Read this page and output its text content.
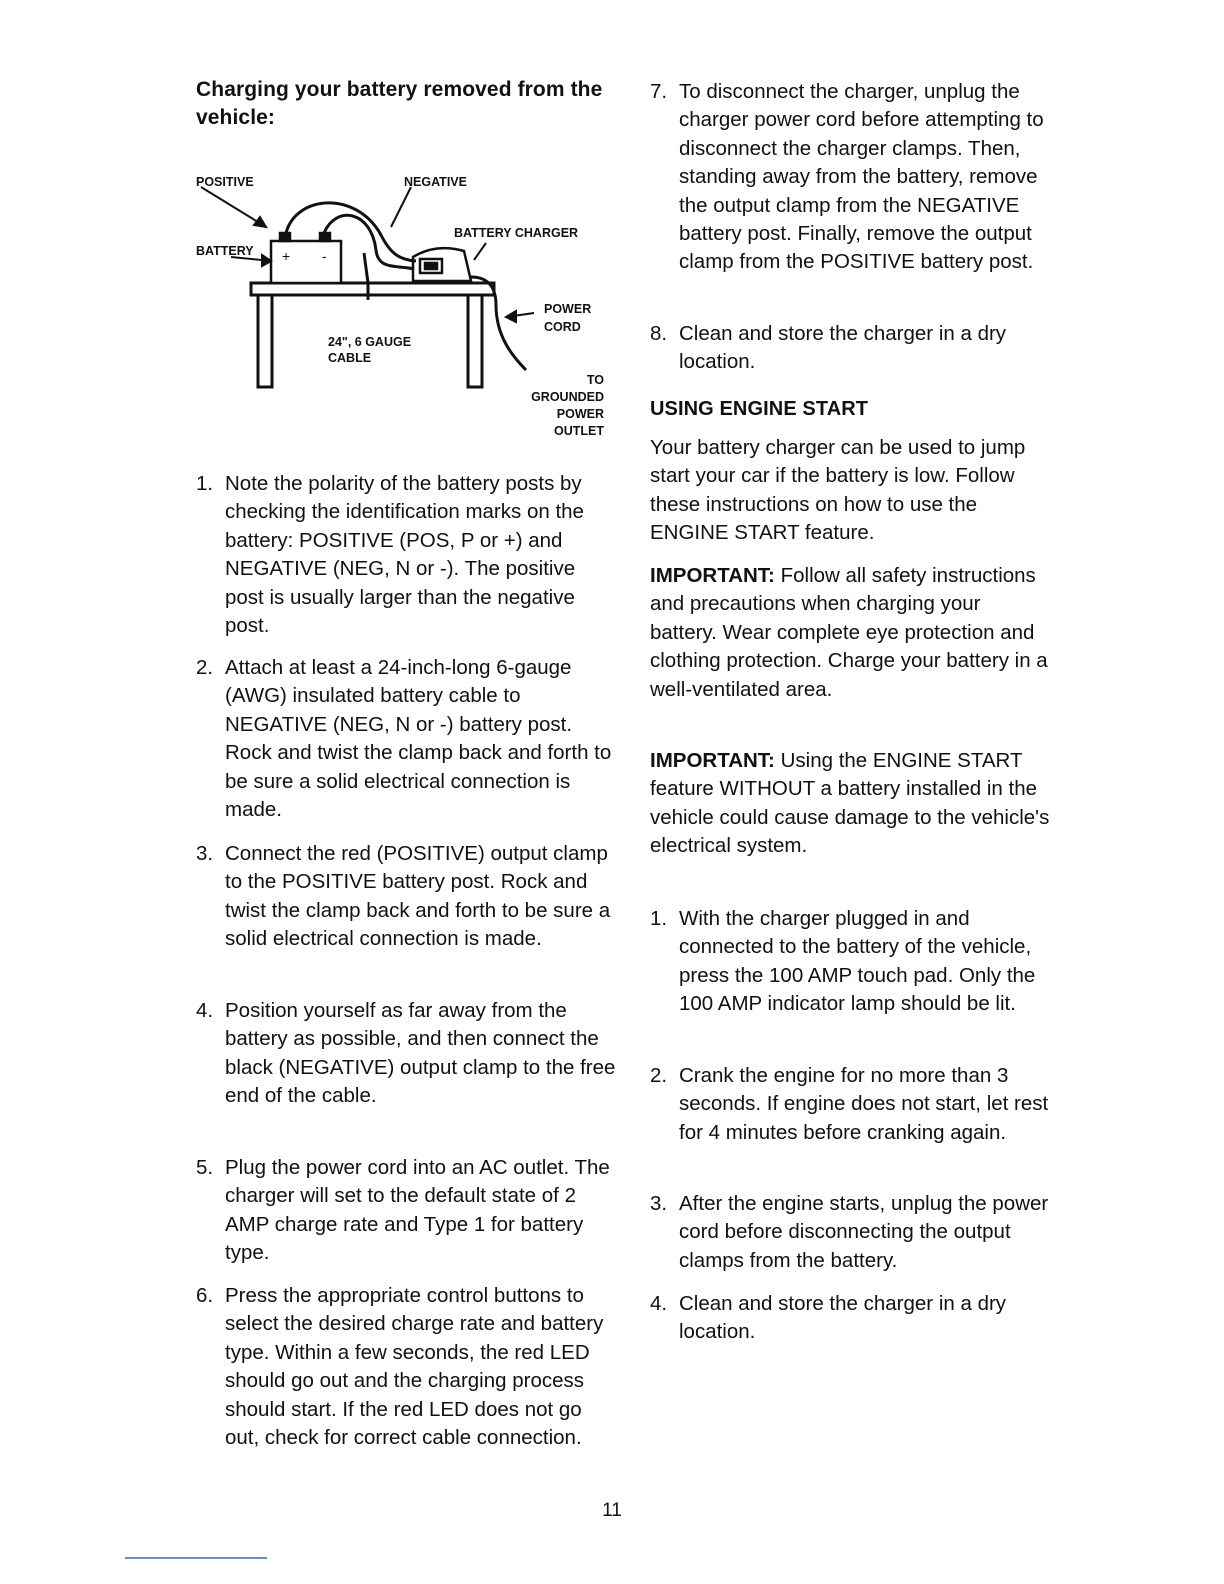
Charging your battery removed from the vehicle:
1. Note the polarity of the battery posts by checking the identification marks on the battery: POSITIVE (POS, P or +) and NEGATIVE (NEG, N or -). The positive post is usually larger than the negative post.
2. Attach at least a 24-inch-long 6-gauge (AWG) insulated battery cable to NEGATIVE (NEG, N or -) battery post. Rock and twist the clamp back and forth to be sure a solid electrical connection is made.
3. Connect the red (POSITIVE) output clamp to the POSITIVE battery post. Rock and twist the clamp back and forth to be sure a solid electrical connection is made.
4. Position yourself as far away from the battery as possible, and then connect the black (NEGATIVE) output clamp to the free end of the cable.
5. Plug the power cord into an AC outlet. The charger will set to the default state of 2 AMP charge rate and Type 1 for battery type.
6. Press the appropriate control buttons to select the desired charge rate and battery type. Within a few seconds, the red LED should go out and the charging process should start. If the red LED does not go out, check for correct cable connection.
+ -
POSITIVE	NEGATIVE
BATTERY
BATTERY CHARGER
POWER
CORD
24", 6 GAUGE
CABLE
TO
GROUNDED
POWER
OUTLET
7. To disconnect the charger, unplug the charger power cord before attempting to disconnect the charger clamps. Then, standing away from the battery, remove the output clamp from the NEGATIVE battery post. Finally, remove the output clamp from the POSITIVE battery post.
8. Clean and store the charger in a dry location.
USING ENGINE START
Your battery charger can be used to jump start your car if the battery is low. Follow these instructions on how to use the ENGINE START feature.
IMPORTANT: Follow all safety instructions and precautions when charging your battery. Wear complete eye protection and clothing protection. Charge your battery in a well-ventilated area.
IMPORTANT: Using the ENGINE START feature WITHOUT a battery installed in the vehicle could cause damage to the vehicle's electrical system.
1. With the charger plugged in and connected to the battery of the vehicle, press the 100 AMP touch pad. Only the 100 AMP indicator lamp should be lit.
2. Crank the engine for no more than 3 seconds. If engine does not start, let rest for 4 minutes before cranking again.
3. After the engine starts, unplug the power cord before disconnecting the output clamps from the battery.
4. Clean and store the charger in a dry location.
11
